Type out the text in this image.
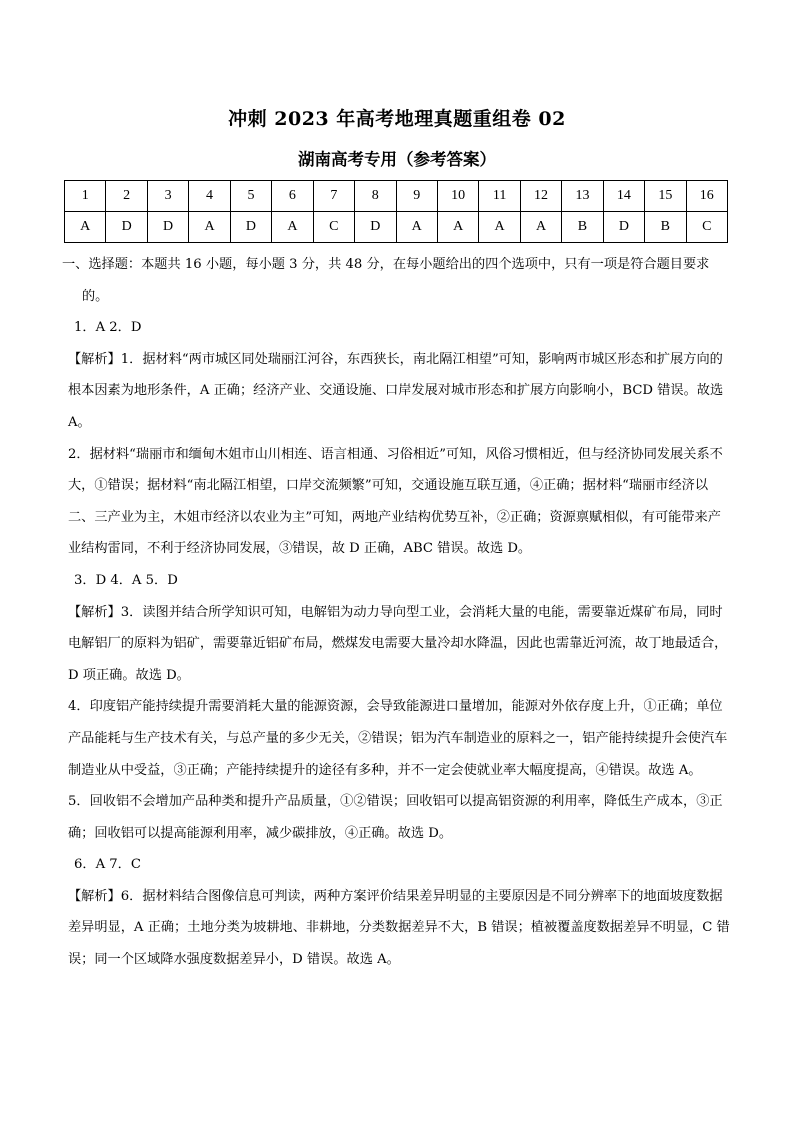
冲刺 2023 年高考地理真题重组卷 02
湖南高考专用（参考答案）
1	2	3	4	5	6	7	8	9	10	11	12	13	14	15	16
A	D	D	A	D	A	C	D	A	A	A	A	B	D	B	C

一、选择题：本题共 16 小题，每小题 3 分，共 48 分，在每小题给出的四个选项中，只有一项是符合题目要求的。

1．A 2．D

【解析】1．据材料“两市城区同处瑞丽江河谷，东西狭长，南北隔江相望”可知，影响两市城区形态和扩展方向的根本因素为地形条件，A 正确；经济产业、交通设施、口岸发展对城市形态和扩展方向影响小，BCD 错误。故选 A。

2．据材料“瑞丽市和缅甸木姐市山川相连、语言相通、习俗相近”可知，风俗习惯相近，但与经济协同发展关系不大，①错误；据材料“南北隔江相望，口岸交流频繁”可知，交通设施互联互通，④正确；据材料“瑞丽市经济以二、三产业为主，木姐市经济以农业为主”可知，两地产业结构优势互补，②正确；资源禀赋相似，有可能带来产业结构雷同，不利于经济协同发展，③错误，故 D 正确，ABC 错误。故选 D。

3．D 4．A 5．D

【解析】3．读图并结合所学知识可知，电解铝为动力导向型工业，会消耗大量的电能，需要靠近煤矿布局，同时电解铝厂的原料为铝矿，需要靠近铝矿布局，燃煤发电需要大量冷却水降温，因此也需靠近河流，故丁地最适合，D 项正确。故选 D。

4．印度铝产能持续提升需要消耗大量的能源资源，会导致能源进口量增加，能源对外依存度上升，①正确；单位产品能耗与生产技术有关，与总产量的多少无关，②错误；铝为汽车制造业的原料之一，铝产能持续提升会使汽车制造业从中受益，③正确；产能持续提升的途径有多种，并不一定会使就业率大幅度提高，④错误。故选 A。

5．回收铝不会增加产品种类和提升产品质量，①②错误；回收铝可以提高铝资源的利用率，降低生产成本，③正确；回收铝可以提高能源利用率，减少碳排放，④正确。故选 D。

6．A 7．C

【解析】6．据材料结合图像信息可判读，两种方案评价结果差异明显的主要原因是不同分辨率下的地面坡度数据差异明显，A 正确；土地分类为坡耕地、非耕地，分类数据差异不大，B 错误；植被覆盖度数据差异不明显，C 错误；同一个区域降水强度数据差异小，D 错误。故选 A。
